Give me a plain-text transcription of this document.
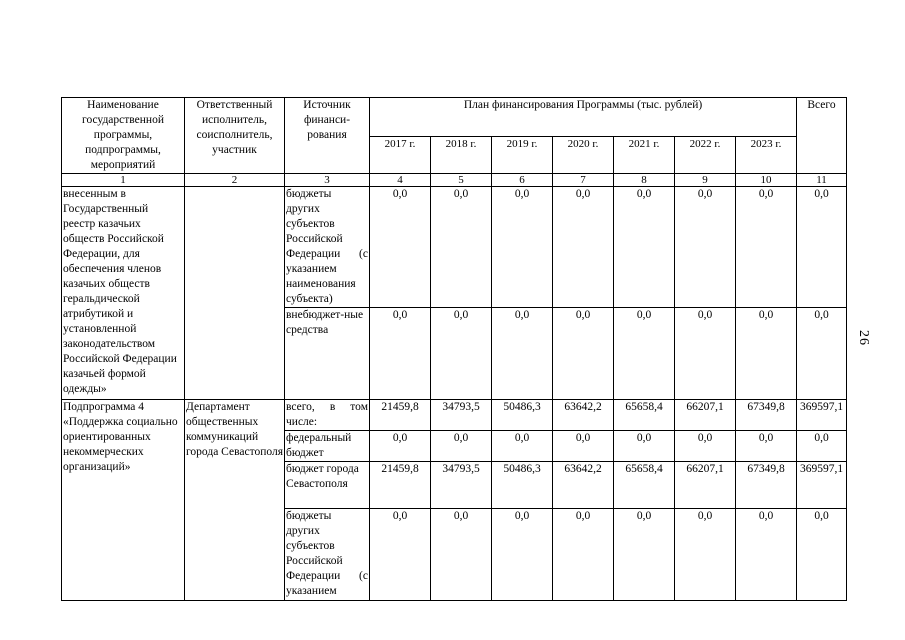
26
Наименование государственной программы, подпрограммы, мероприятий	Ответственный исполнитель, соисполнитель, участник	Источник финанси-рования	План финансирования Программы (тыс. рублей)							Всего
			2017 г.	2018 г.	2019 г.	2020 г.	2021 г.	2022 г.	2023 г.	
1	2	3	4	5	6	7	8	9	10	11
внесенным в Государственный реестр казачьих обществ Российской Федерации, для обеспечения членов казачьих обществ геральдической атрибутикой и установленной законодательством Российской Федерации казачьей формой одежды»		бюджеты других субъектов Российской Федерации (с указанием наименования субъекта)	0,0	0,0	0,0	0,0	0,0	0,0	0,0	0,0
		внебюджет-ные средства	0,0	0,0	0,0	0,0	0,0	0,0	0,0	0,0
Подпрограмма 4 «Поддержка социально ориентированных некоммерческих организаций»	Департамент общественных коммуникаций города Севастополя	всего, в том числе:	21459,8	34793,5	50486,3	63642,2	65658,4	66207,1	67349,8	369597,1
		федеральный бюджет	0,0	0,0	0,0	0,0	0,0	0,0	0,0	0,0
		бюджет города Севастополя	21459,8	34793,5	50486,3	63642,2	65658,4	66207,1	67349,8	369597,1
		бюджеты других субъектов Российской Федерации (с указанием	0,0	0,0	0,0	0,0	0,0	0,0	0,0	0,0
